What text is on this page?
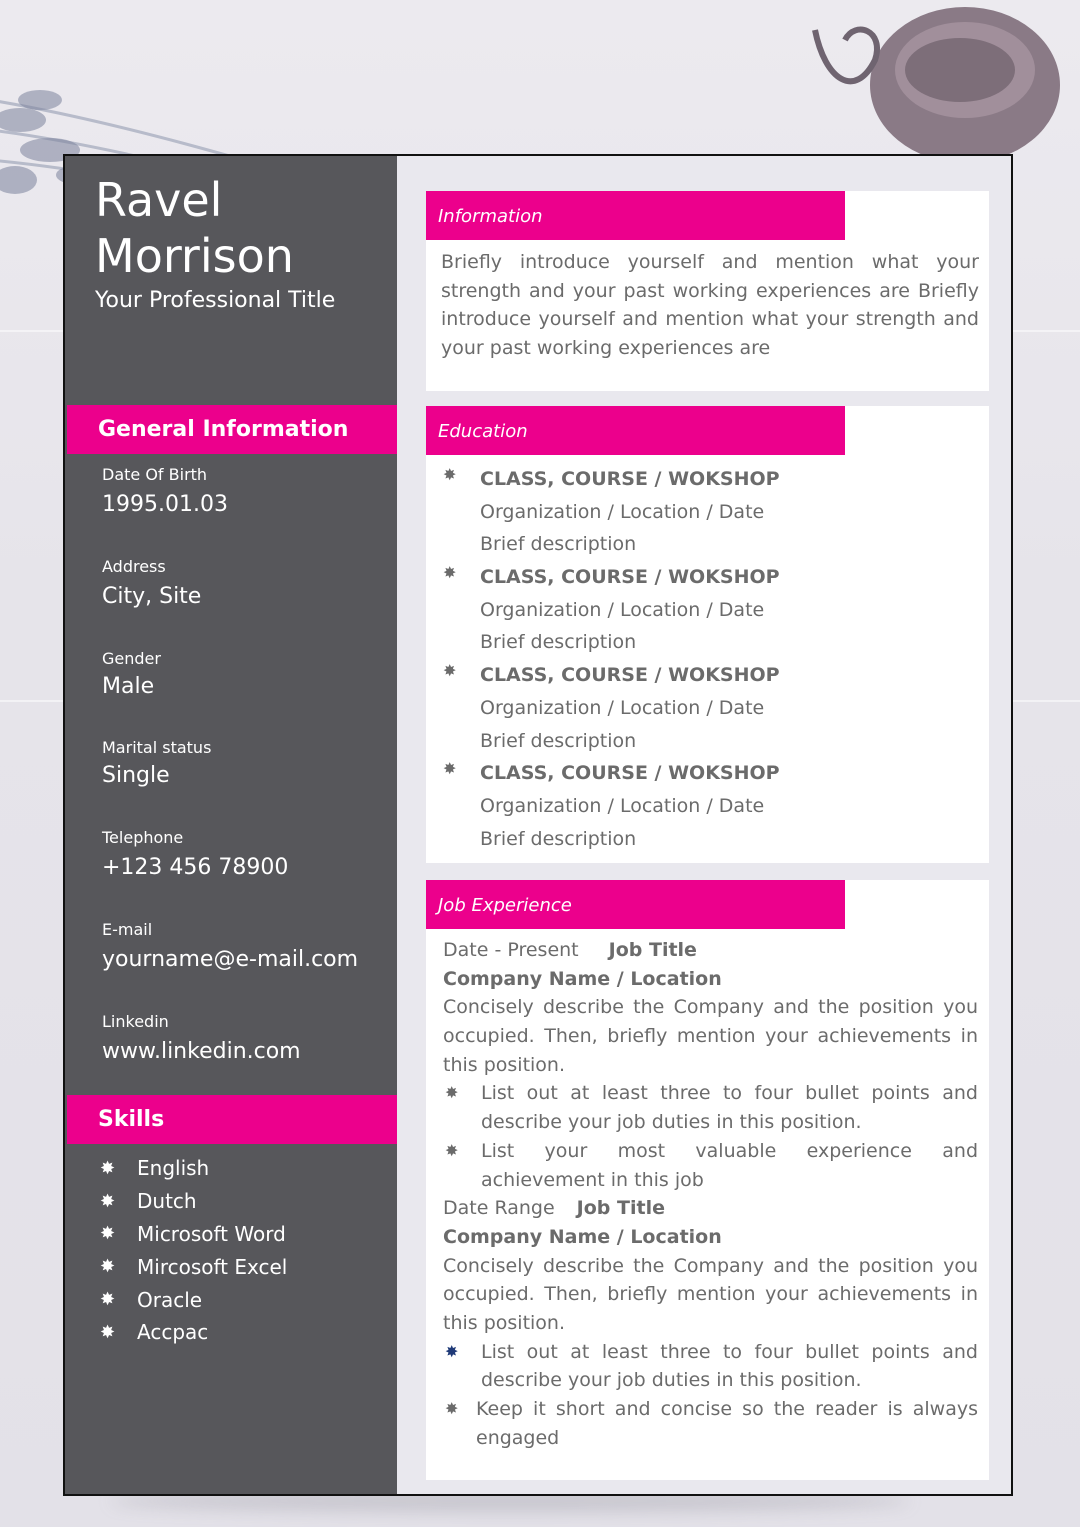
Ravel
Morrison
Your Professional Title
General Information
Date Of Birth
1995.01.03
Address
City, Site
Gender
Male
Marital status
Single
Telephone
+123 456 78900
E-mail
yourname@e-mail.com
Linkedin
www.linkedin.com
Skills
✸	English
✸	Dutch
✸	Microsoft Word
✸	Mircosoft Excel
✸	Oracle
✸	Accpac
Information
Briefly introduce yourself and mention what your strength and your past working experiences are Briefly introduce yourself and mention what your strength and your past working experiences are
Education
✸ CLASS, COURSE / WOKSHOP
Organization / Location / Date
Brief description
✸ CLASS, COURSE / WOKSHOP
Organization / Location / Date
Brief description
✸ CLASS, COURSE / WOKSHOP
Organization / Location / Date
Brief description
✸ CLASS, COURSE / WOKSHOP
Organization / Location / Date
Brief description
Job Experience
Date - Present Job Title
Company Name / Location
Concisely describe the Company and the position you occupied. Then, briefly mention your achievements in this position.
✸ List out at least three to four bullet points and describe your job duties in this position.
✸ List your most valuable experience and achievement in this job
Date Range Job Title
Company Name / Location
Concisely describe the Company and the position you occupied. Then, briefly mention your achievements in this position.
✸ List out at least three to four bullet points and describe your job duties in this position.
✸ Keep it short and concise so the reader is always engaged
